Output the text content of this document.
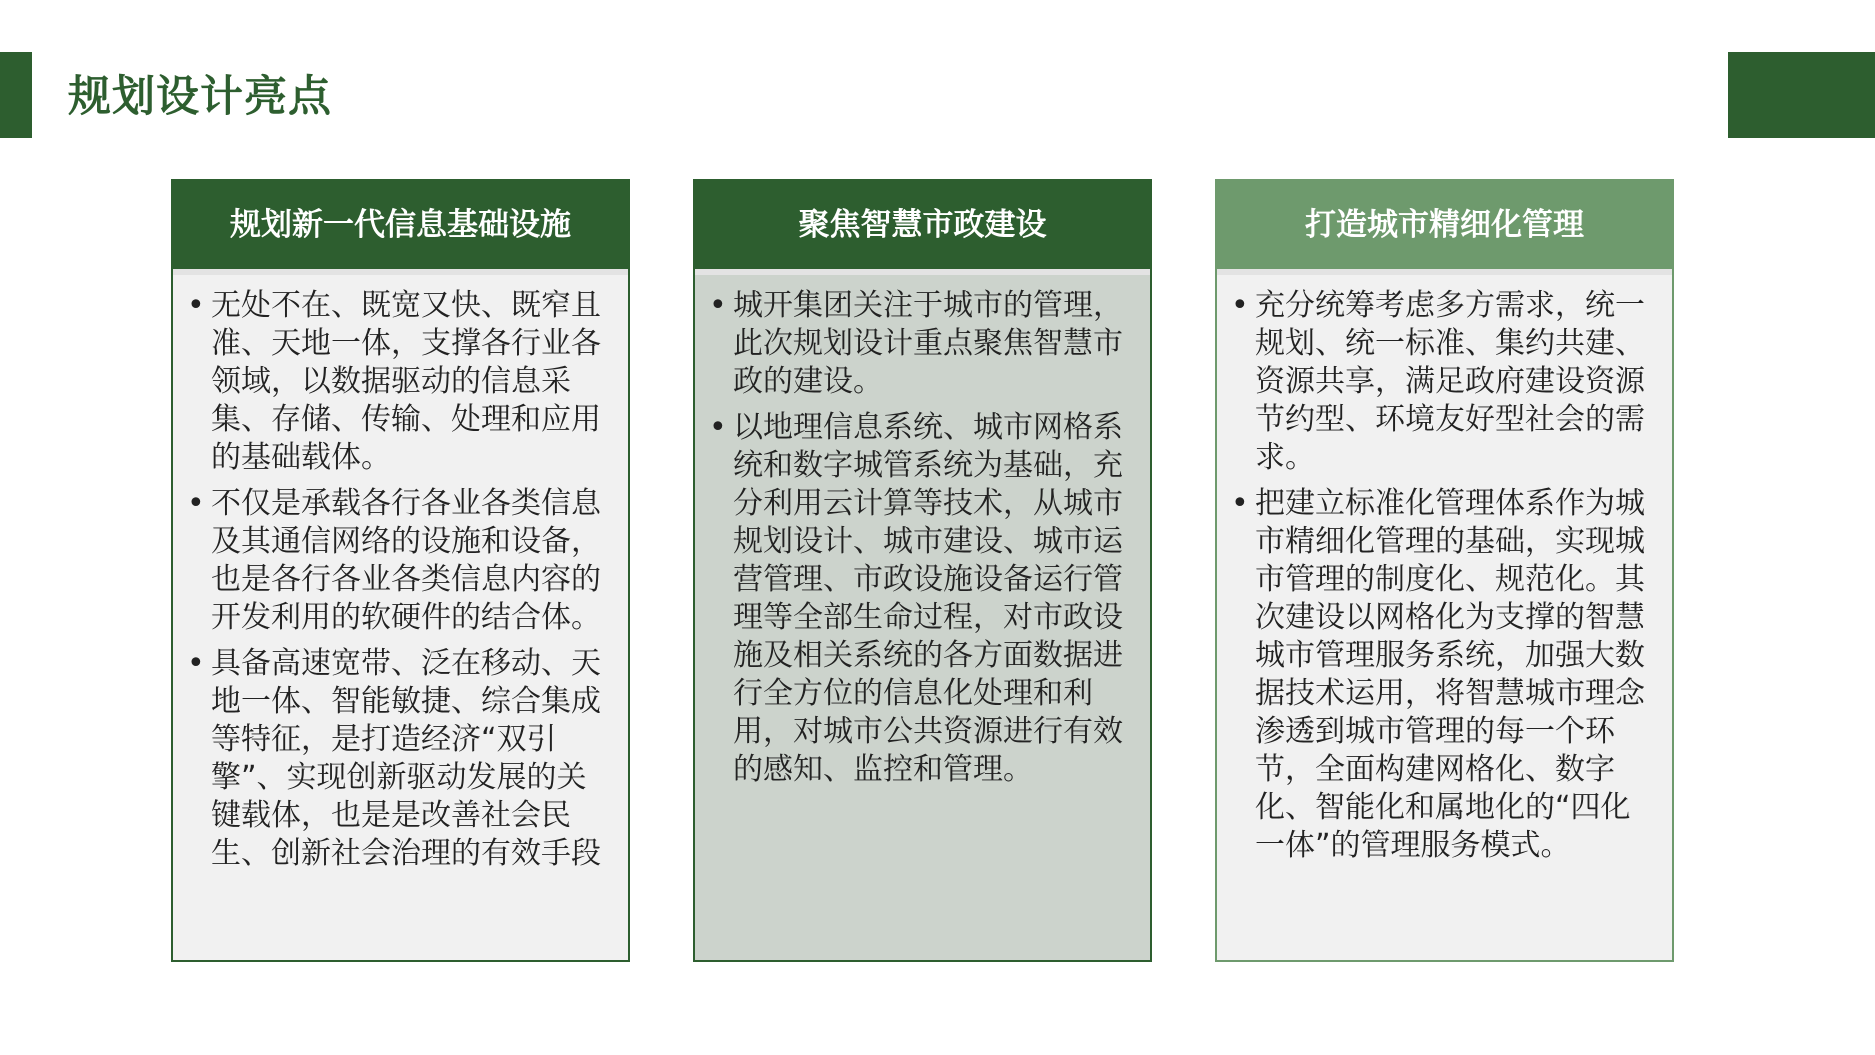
规划设计亮点
规划新一代信息基础设施
• 无处不在、既宽又快、既窄且准、天地一体，支撑各行业各领域，以数据驱动的信息采集、存储、传输、处理和应用的基础载体。
• 不仅是承载各行各业各类信息及其通信网络的设施和设备，也是各行各业各类信息内容的开发利用的软硬件的结合体。
• 具备高速宽带、泛在移动、天地一体、智能敏捷、综合集成等特征，是打造经济“双引擎”、实现创新驱动发展的关键载体，也是是改善社会民生、创新社会治理的有效手段
聚焦智慧市政建设
• 城开集团关注于城市的管理，此次规划设计重点聚焦智慧市政的建设。
• 以地理信息系统、城市网格系统和数字城管系统为基础，充分利用云计算等技术，从城市规划设计、城市建设、城市运营管理、市政设施设备运行管理等全部生命过程，对市政设施及相关系统的各方面数据进行全方位的信息化处理和利用，对城市公共资源进行有效的感知、监控和管理。
打造城市精细化管理
• 充分统筹考虑多方需求，统一规划、统一标准、集约共建、资源共享，满足政府建设资源节约型、环境友好型社会的需求。
• 把建立标准化管理体系作为城市精细化管理的基础，实现城市管理的制度化、规范化。其次建设以网格化为支撑的智慧城市管理服务系统，加强大数据技术运用，将智慧城市理念渗透到城市管理的每一个环节，全面构建网格化、数字化、智能化和属地化的“四化一体”的管理服务模式。
